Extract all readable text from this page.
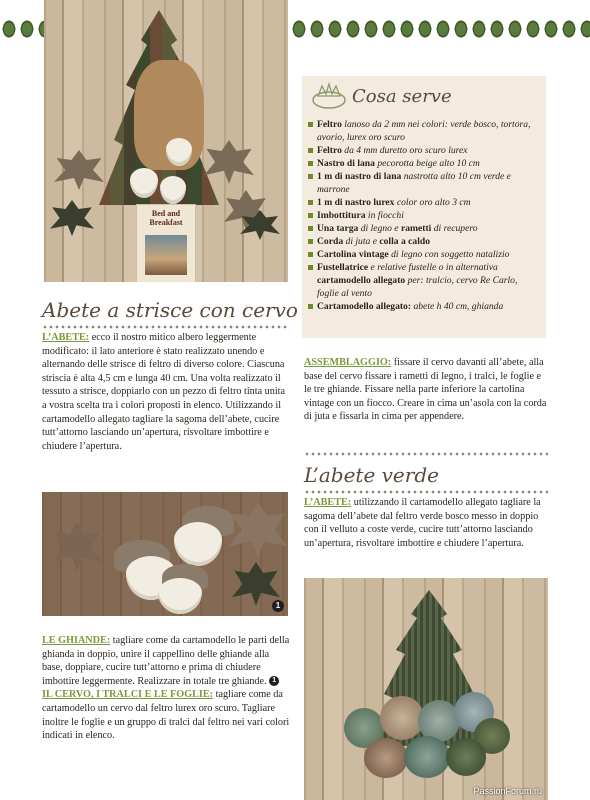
Bed and
Breakfast
1
PassionForum.ru
Abete a strisce con cervo
L’ABETE: ecco il nostro mitico albero leggermente modificato: il lato anteriore è stato realizzato unendo e alternando delle strisce di feltro di diverso colore. Ciascuna striscia è alta 4,5 cm e lunga 40 cm. Una volta realizzato il tessuto a strisce, doppiarlo con un pezzo di feltro tinta unita a vostra scelta tra i colori proposti in elenco. Utilizzando il cartamodello allegato tagliare la sagoma dell’abete, cucire tutt’attorno lasciando un’apertura, risvoltare imbottire e chiudere l’apertura.
Cosa serve
Feltro lanoso da 2 mm nei colori: verde bosco, tortora, avorio, lurex oro scuro
Feltro da 4 mm duretto oro scuro lurex
Nastro di lana pecorotta beige alto 10 cm
1 m di nastro di lana nastrotta alto 10 cm verde e marrone
1 m di nastro lurex color oro alto 3 cm
Imbottitura in fiocchi
Una targa di legno e rametti di recupero
Corda di juta e colla a caldo
Cartolina vintage di legno con soggetto natalizio
Fustellatrice e relative fustelle o in alternativa cartamodello allegato per: tralcio, cervo Re Carlo, foglie al vento
Cartamodello allegato: abete h 40 cm, ghianda
ASSEMBLAGGIO: fissare il cervo davanti all’abete, alla base del cervo fissare i rametti di legno, i tralci, le foglie e le tre ghiande. Fissare nella parte inferiore la cartolina vintage con un fiocco. Creare in cima un’asola con la corda di juta e fissarla in cima per appendere.
L’abete verde
L’ABETE: utilizzando il cartamodello allegato tagliare la sagoma dell’abete dal feltro verde bosco messo in doppio con il velluto a coste verde, cucire tutt’attorno lasciando un’apertura, risvoltare imbottire e chiudere l’apertura.
LE GHIANDE: tagliare come da cartamodello le parti della ghianda in doppio, unire il cappellino delle ghiande alla base, doppiare, cucire tutt’attorno e prima di chiudere imbottire leggermente. Realizzare in totale tre ghiande. 1
IL CERVO, I TRALCI E LE FOGLIE: tagliare come da cartamodello un cervo dal feltro lurex oro scuro. Tagliare inoltre le foglie e un gruppo di tralci dal feltro nei vari colori indicati in elenco.
